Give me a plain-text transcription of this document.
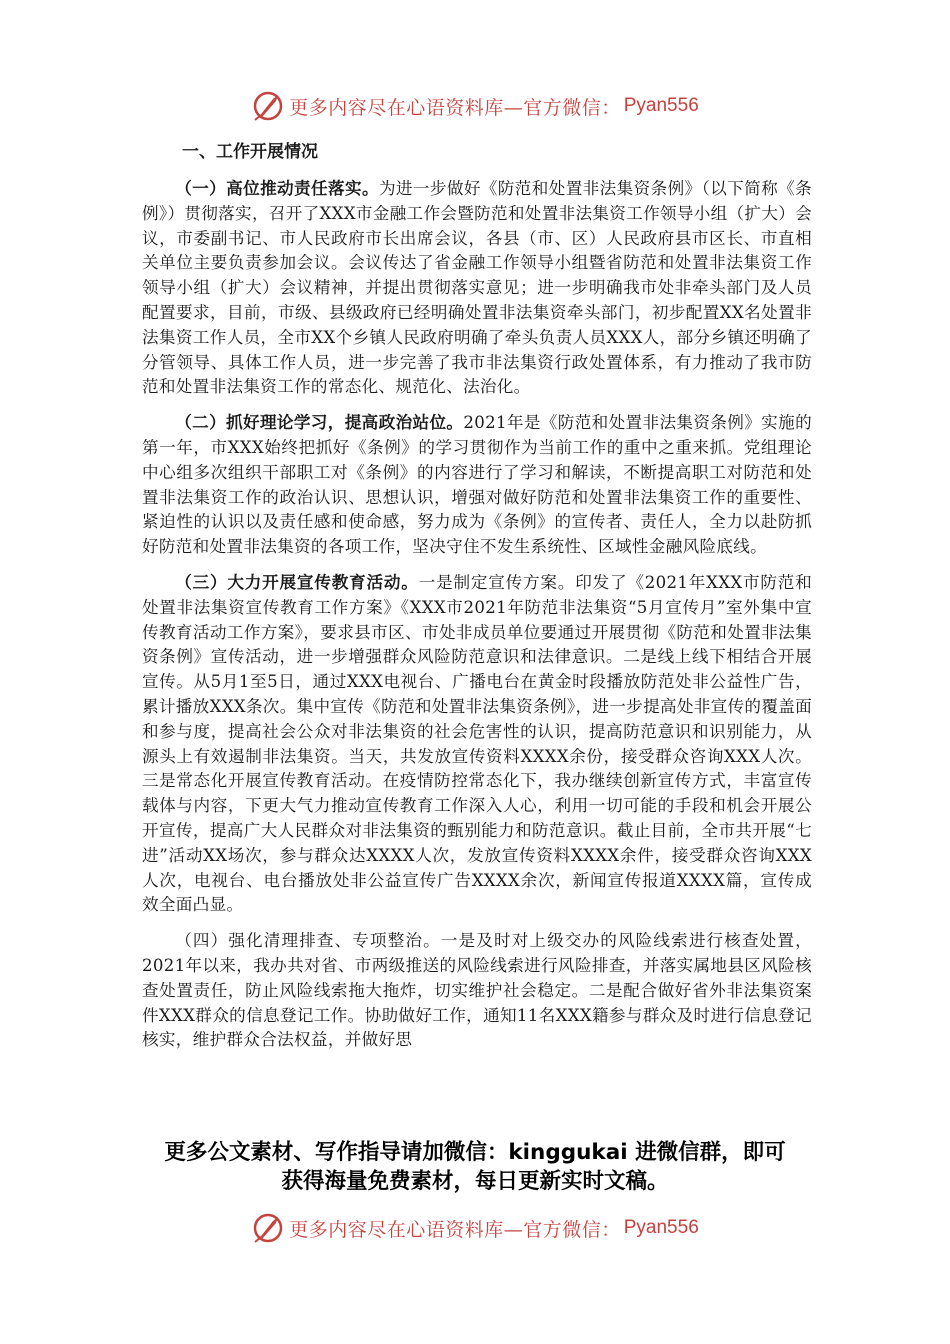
更多内容尽在心语资料库—官方微信： Pyan556
一、工作开展情况

（一）高位推动责任落实。为进一步做好《防范和处置非法集资条例》（以下简称《条例》）贯彻落实，召开了XXX市金融工作会暨防范和处置非法集资工作领导小组（扩大）会议，市委副书记、市人民政府市长出席会议，各县（市、区）人民政府县市区长、市直相关单位主要负责参加会议。会议传达了省金融工作领导小组暨省防范和处置非法集资工作领导小组（扩大）会议精神，并提出贯彻落实意见；进一步明确我市处非牵头部门及人员配置要求，目前，市级、县级政府已经明确处置非法集资牵头部门，初步配置XX名处置非法集资工作人员，全市XX个乡镇人民政府明确了牵头负责人员XXX人，部分乡镇还明确了分管领导、具体工作人员，进一步完善了我市非法集资行政处置体系，有力推动了我市防范和处置非法集资工作的常态化、规范化、法治化。

（二）抓好理论学习，提高政治站位。2021年是《防范和处置非法集资条例》实施的第一年，市XXX始终把抓好《条例》的学习贯彻作为当前工作的重中之重来抓。党组理论中心组多次组织干部职工对《条例》的内容进行了学习和解读，不断提高职工对防范和处置非法集资工作的政治认识、思想认识，增强对做好防范和处置非法集资工作的重要性、紧迫性的认识以及责任感和使命感，努力成为《条例》的宣传者、责任人，全力以赴防抓好防范和处置非法集资的各项工作，坚决守住不发生系统性、区域性金融风险底线。

（三）大力开展宣传教育活动。一是制定宣传方案。印发了《2021年XXX市防范和处置非法集资宣传教育工作方案》《XXX市2021年防范非法集资“5月宣传月”室外集中宣传教育活动工作方案》，要求县市区、市处非成员单位要通过开展贯彻《防范和处置非法集资条例》宣传活动，进一步增强群众风险防范意识和法律意识。二是线上线下相结合开展宣传。从5月1至5日，通过XXX电视台、广播电台在黄金时段播放防范处非公益性广告，累计播放XXX条次。集中宣传《防范和处置非法集资条例》，进一步提高处非宣传的覆盖面和参与度，提高社会公众对非法集资的社会危害性的认识，提高防范意识和识别能力，从源头上有效遏制非法集资。当天，共发放宣传资料XXXX余份，接受群众咨询XXX人次。三是常态化开展宣传教育活动。在疫情防控常态化下，我办继续创新宣传方式，丰富宣传载体与内容，下更大气力推动宣传教育工作深入人心，利用一切可能的手段和机会开展公开宣传，提高广大人民群众对非法集资的甄别能力和防范意识。截止目前，全市共开展“七进”活动XX场次，参与群众达XXXX人次，发放宣传资料XXXX余件，接受群众咨询XXX人次，电视台、电台播放处非公益宣传广告XXXX余次，新闻宣传报道XXXX篇，宣传成效全面凸显。

（四）强化清理排查、专项整治。一是及时对上级交办的风险线索进行核查处置，2021年以来，我办共对省、市两级推送的风险线索进行风险排查，并落实属地县区风险核查处置责任，防止风险线索拖大拖炸，切实维护社会稳定。二是配合做好省外非法集资案件XXX群众的信息登记工作。协助做好工作，通知11名XXX籍参与群众及时进行信息登记核实，维护群众合法权益，并做好思

更多公文素材、写作指导请加微信：kinggukai 进微信群，即可
获得海量免费素材，每日更新实时文稿。
更多内容尽在心语资料库—官方微信： Pyan556
